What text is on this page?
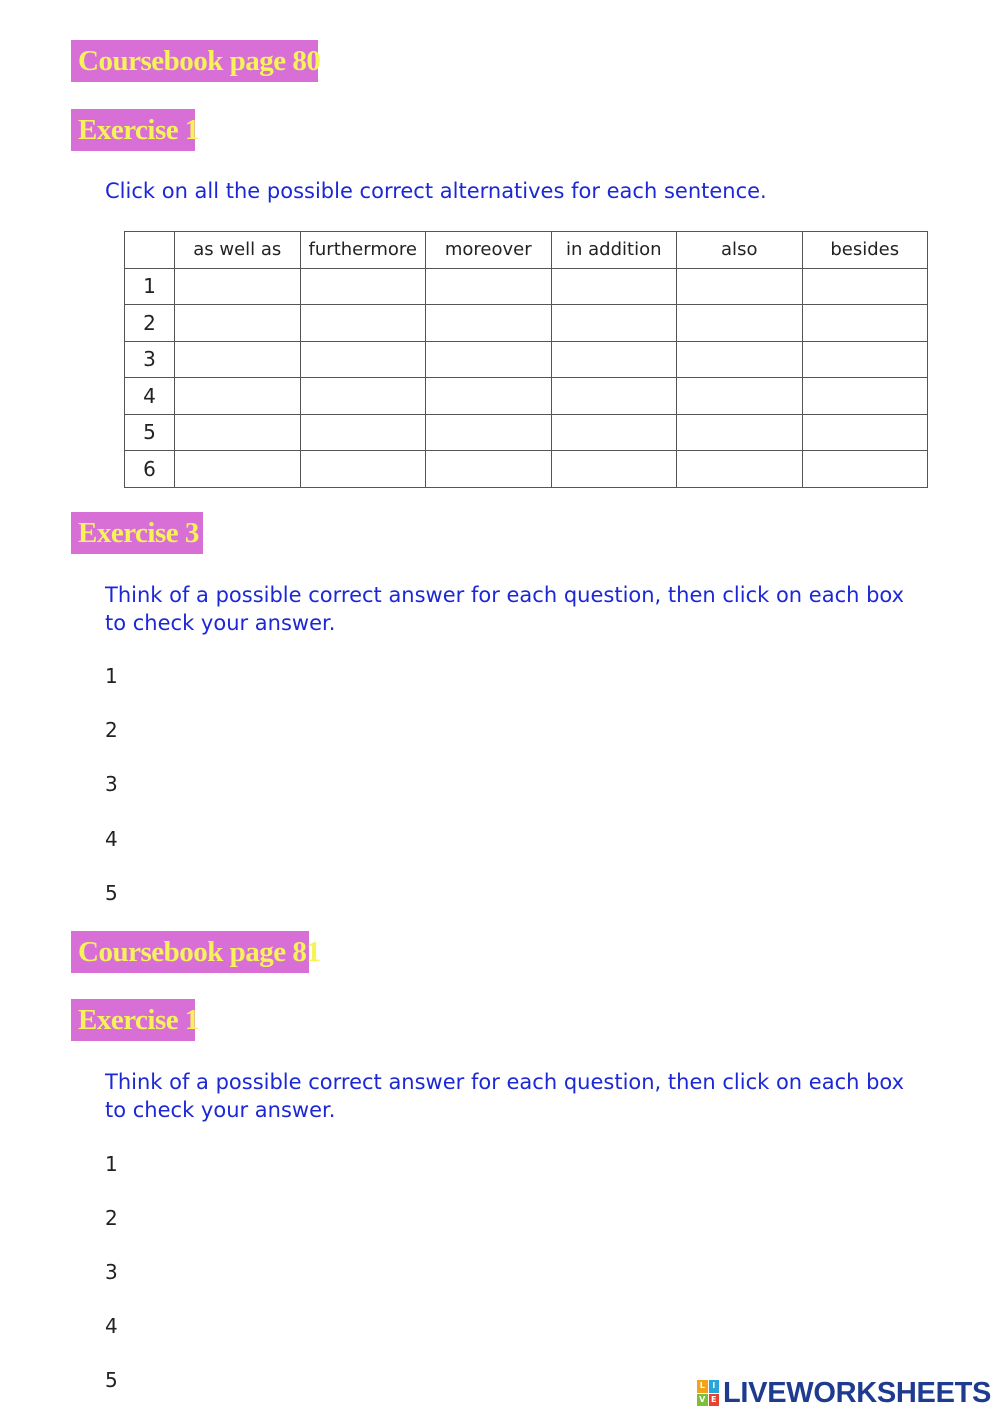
Coursebook page 80
Exercise 1
Click on all the possible correct alternatives for each sentence.
	as well as	furthermore	moreover	in addition	also	besides
1						
2						
3						
4						
5						
6						
Exercise 3
Think of a possible correct answer for each question, then click on each box
to check your answer.
1
2
3
4
5
Coursebook page 81
Exercise 1
Think of a possible correct answer for each question, then click on each box
to check your answer.
1
2
3
4
5	L I
V E LIVEWORKSHEETS
